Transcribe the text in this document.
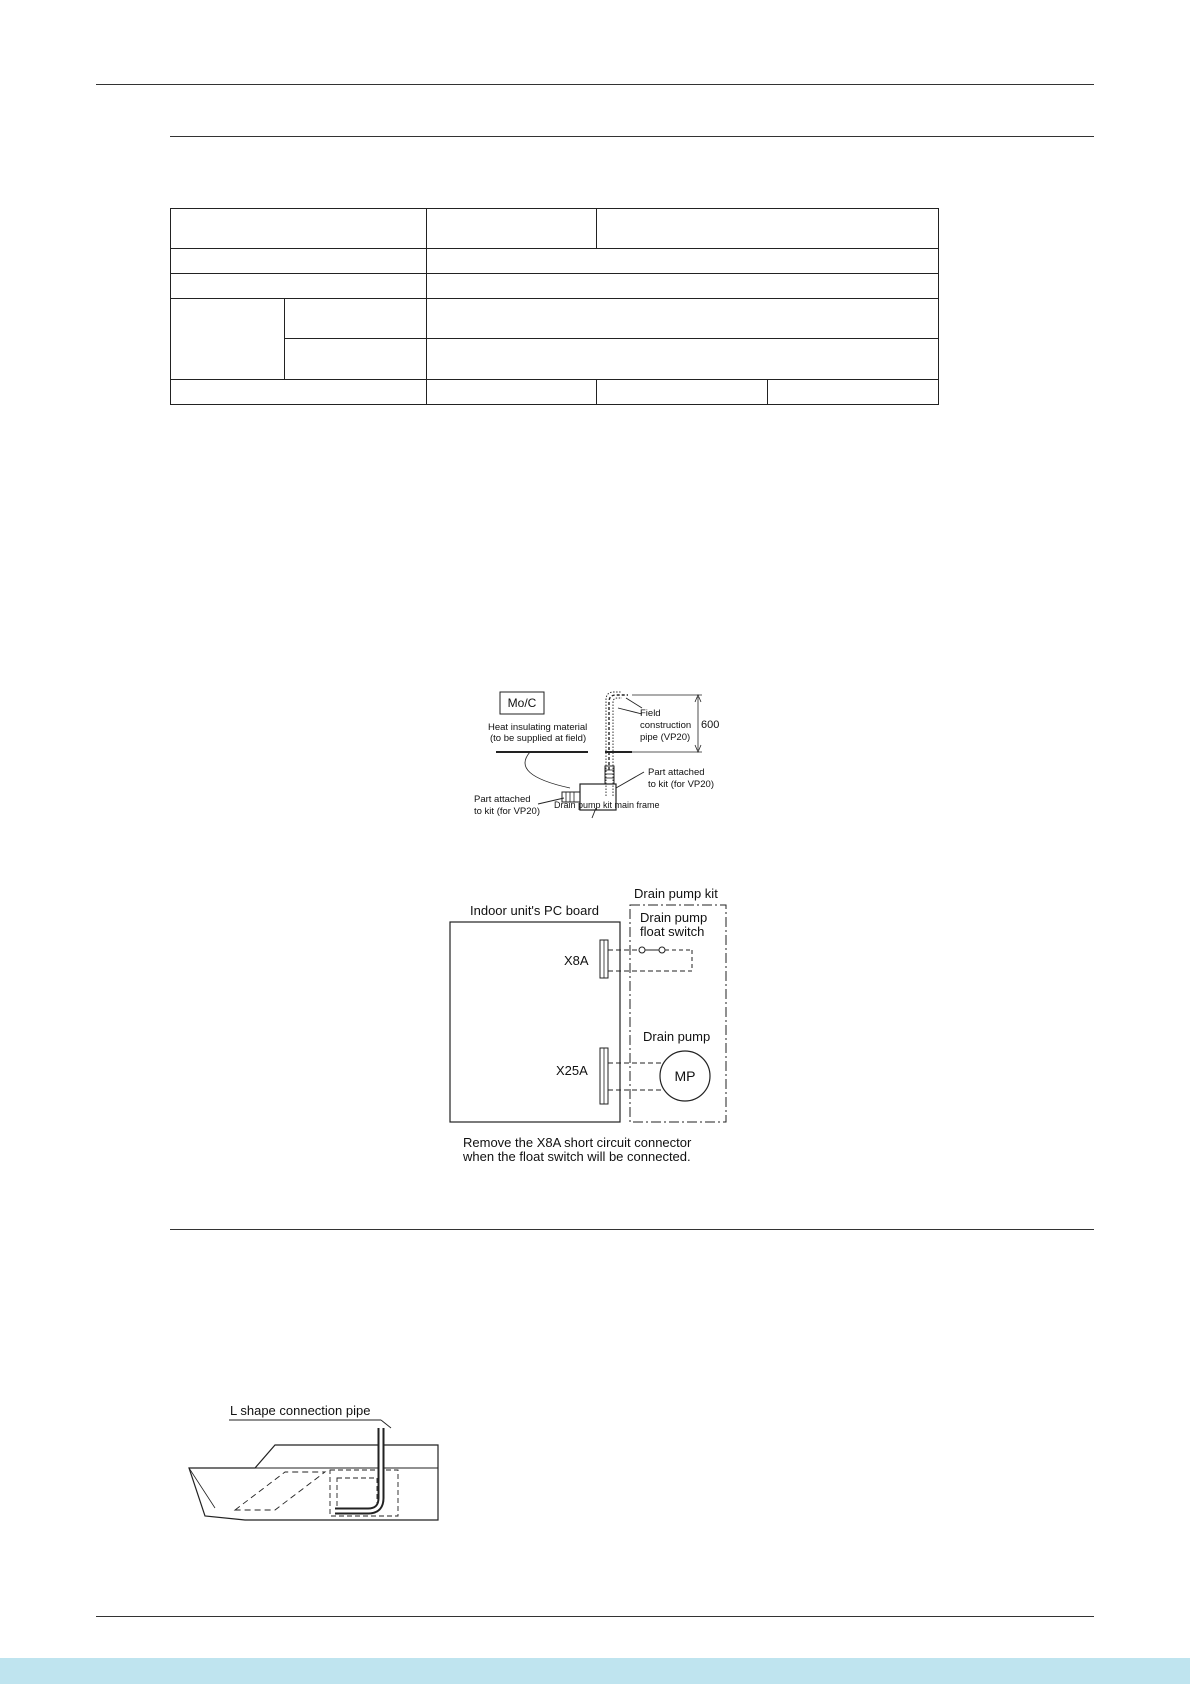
Mo/C
Heat insulating material
(to be supplied at field)
600
Field
construction
pipe (VP20)
Part attached
to kit (for VP20)
Part attached
to kit (for VP20)
Drain pump kit main frame
Drain pump kit
Indoor unit's PC board	Drain pump
float switch
X8A
Drain pump
X25A	MP
Remove the X8A short circuit connector
when the float switch will be connected.
L shape connection pipe
